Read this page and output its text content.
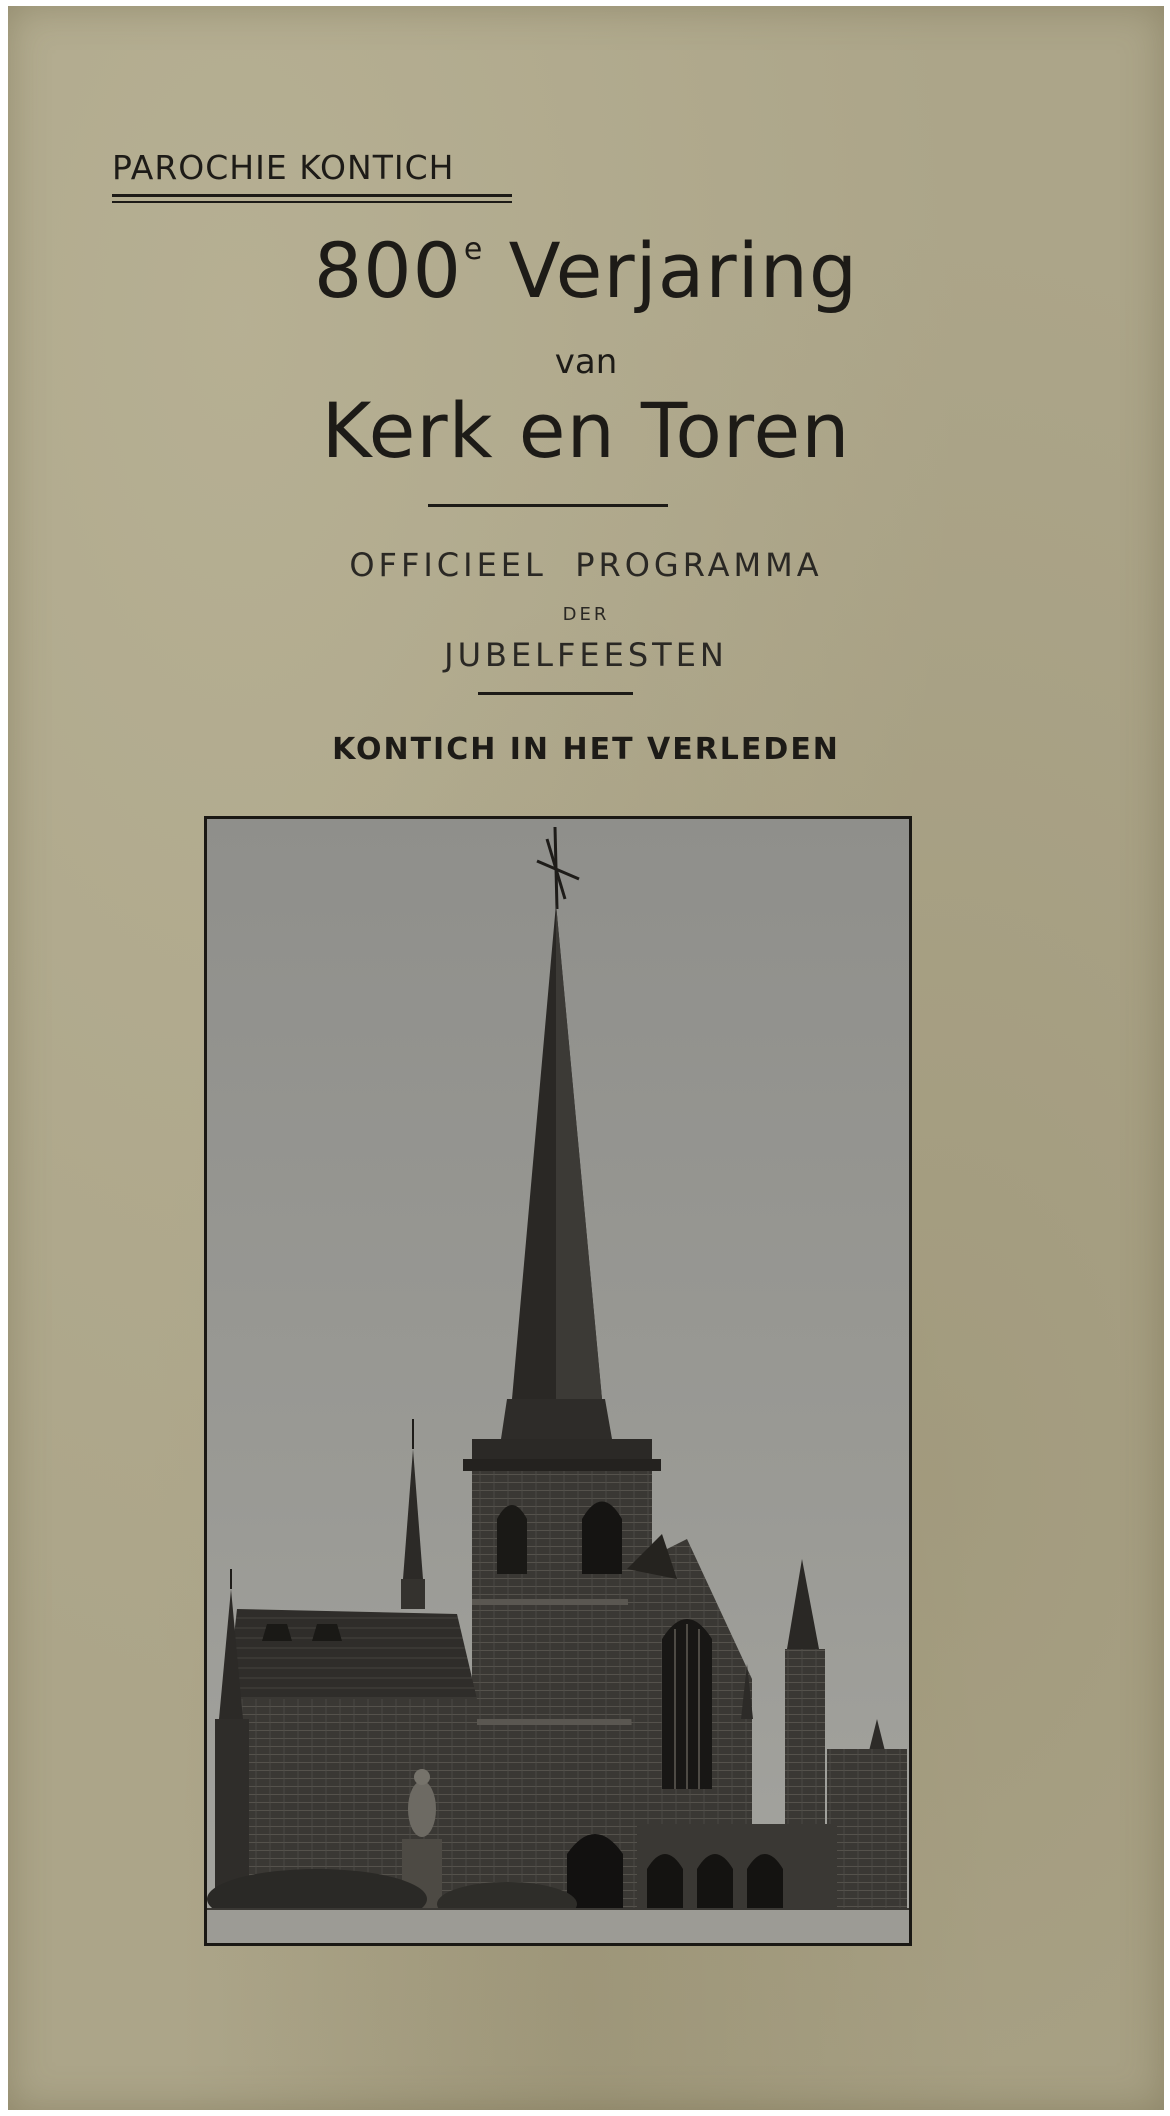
PAROCHIE KONTICH
800e Verjaring
van
Kerk en Toren
OFFICIEEL  PROGRAMMA
DER
JUBELFEESTEN
KONTICH IN HET VERLEDEN
